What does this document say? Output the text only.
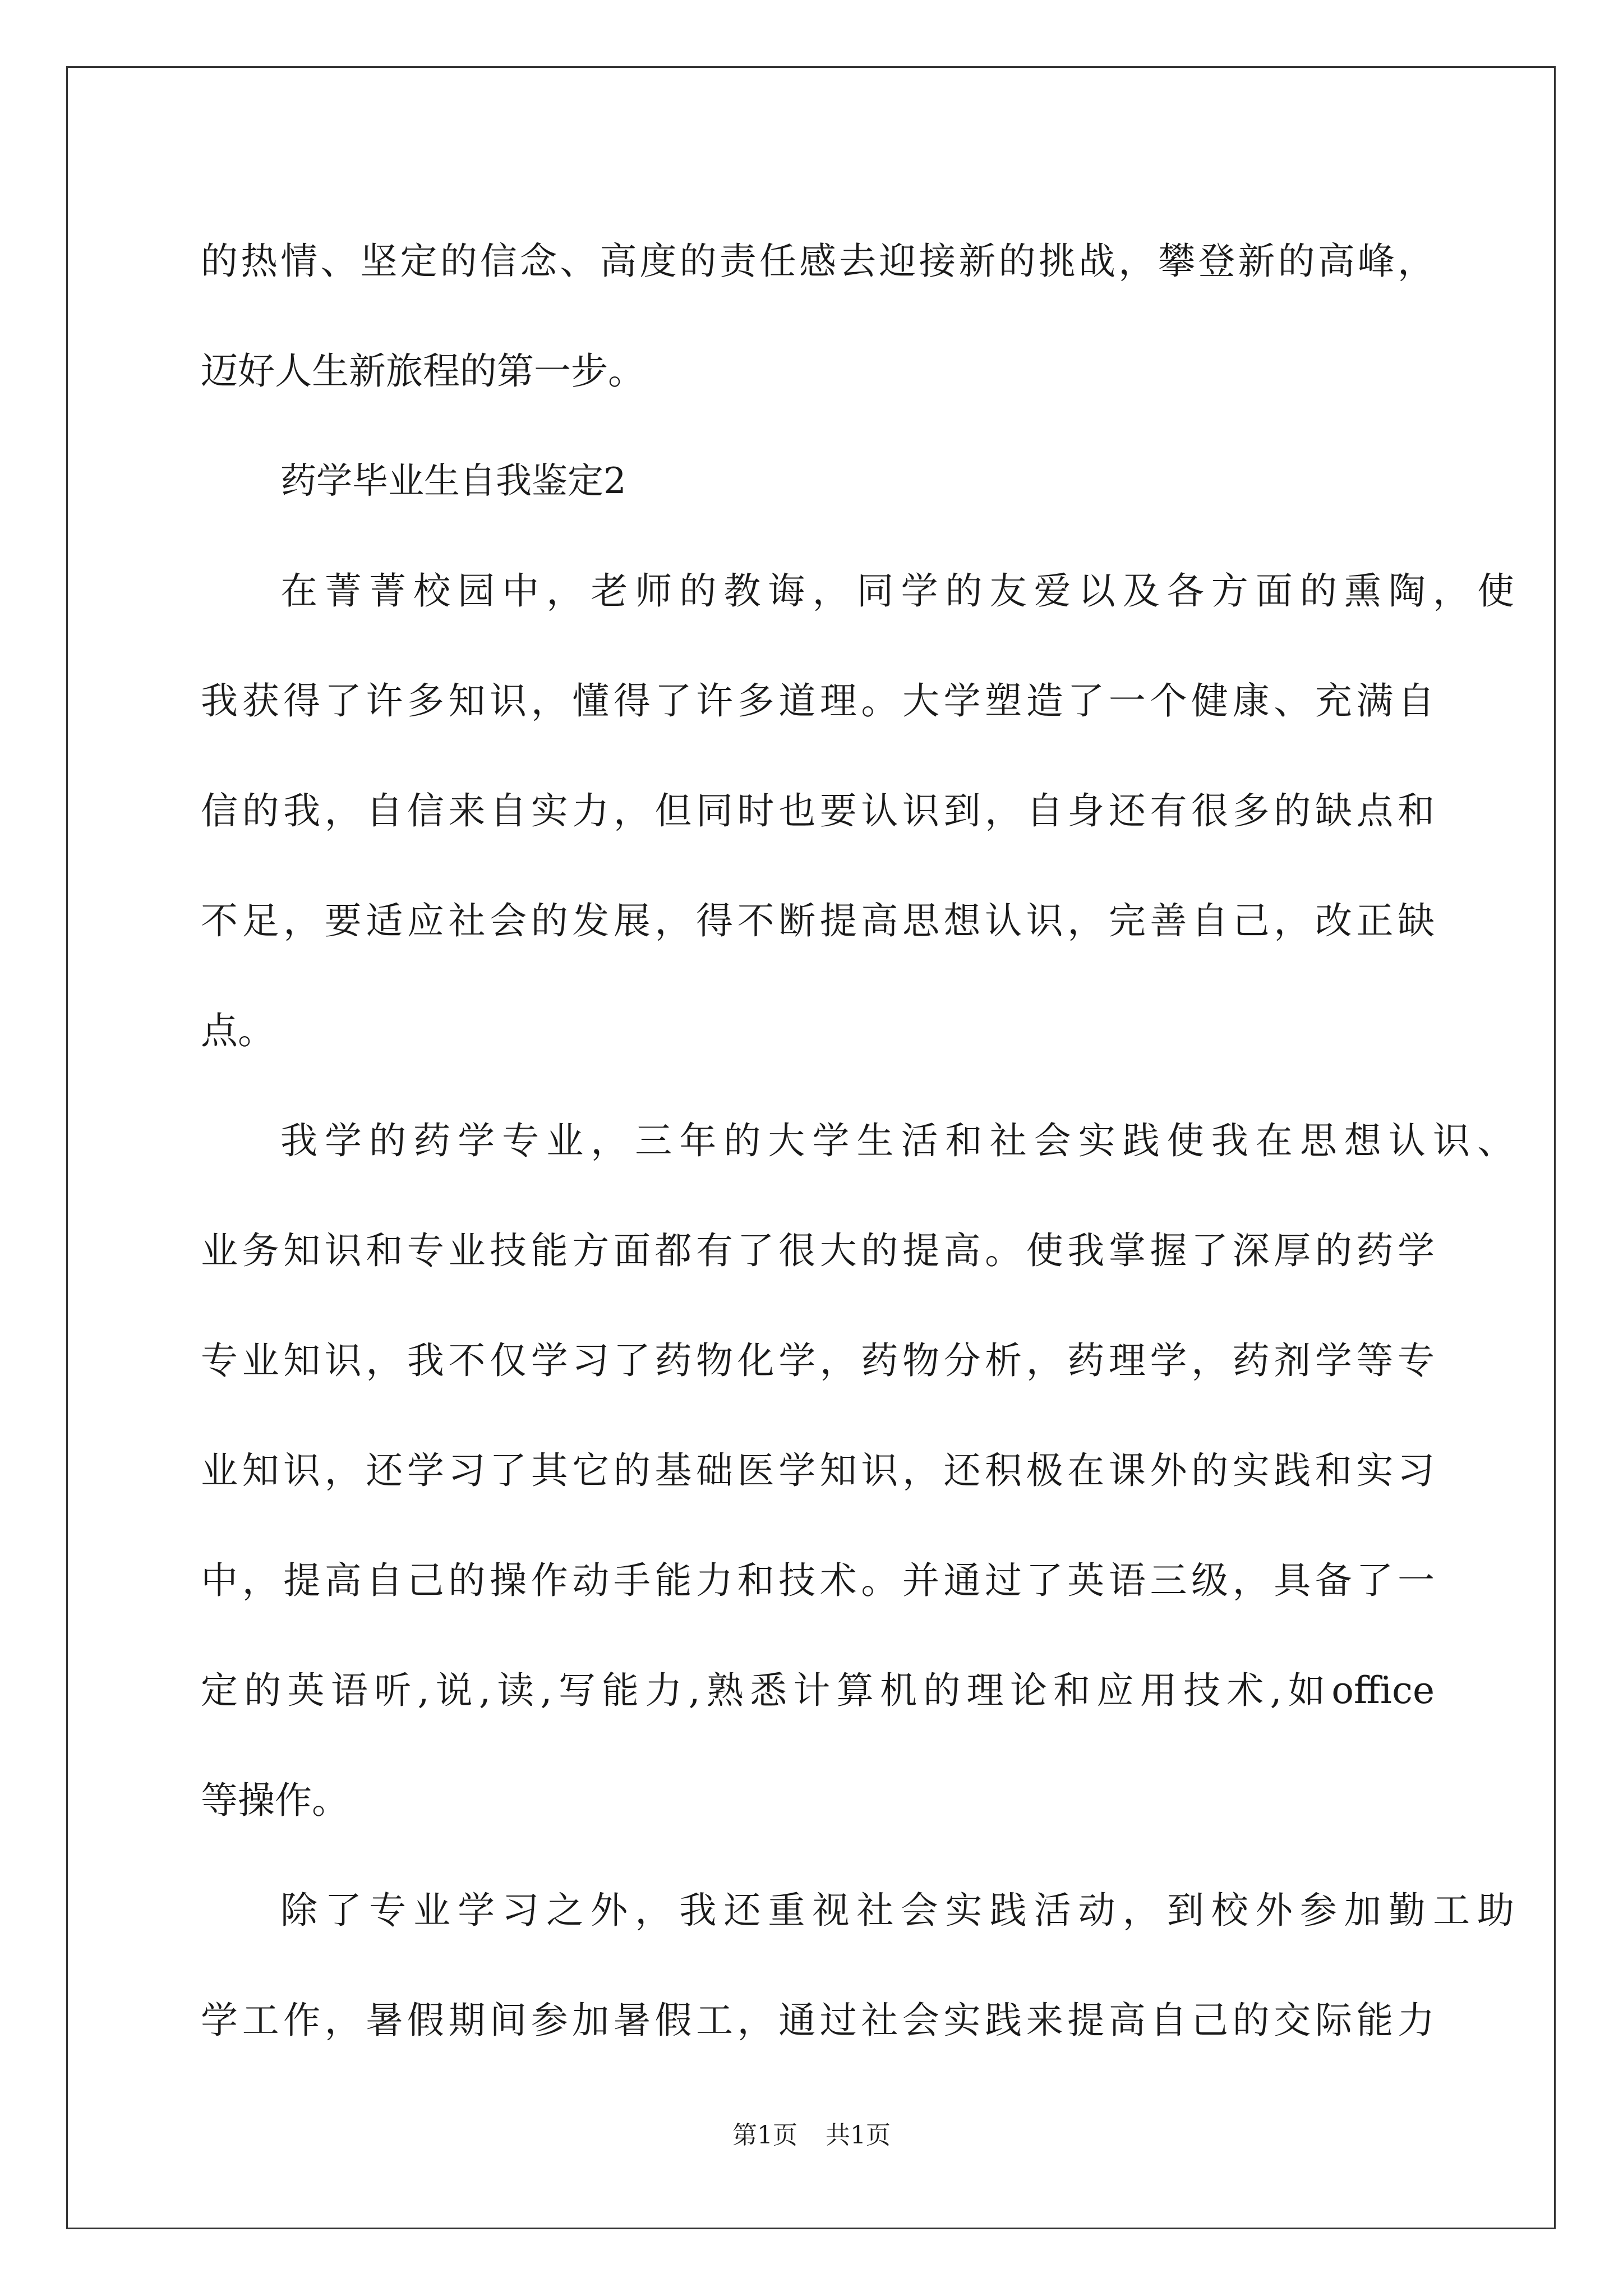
的热情、坚定的信念、高度的责任感去迎接新的挑战，攀登新的高峰，
迈好人生新旅程的第一步。
药学毕业生自我鉴定2
在菁菁校园中，老师的教诲，同学的友爱以及各方面的熏陶，使
我获得了许多知识，懂得了许多道理。大学塑造了一个健康、充满自
信的我，自信来自实力，但同时也要认识到，自身还有很多的缺点和
不足，要适应社会的发展，得不断提高思想认识，完善自己，改正缺
点。
我学的药学专业，三年的大学生活和社会实践使我在思想认识、
业务知识和专业技能方面都有了很大的提高。使我掌握了深厚的药学
专业知识，我不仅学习了药物化学，药物分析，药理学，药剂学等专
业知识，还学习了其它的基础医学知识，还积极在课外的实践和实习
中，提高自己的操作动手能力和技术。并通过了英语三级，具备了一
定的英语听,说,读,写能力,熟悉计算机的理论和应用技术,如office
等操作。
除了专业学习之外，我还重视社会实践活动，到校外参加勤工助
学工作，暑假期间参加暑假工，通过社会实践来提高自己的交际能力
第1页 共1页
